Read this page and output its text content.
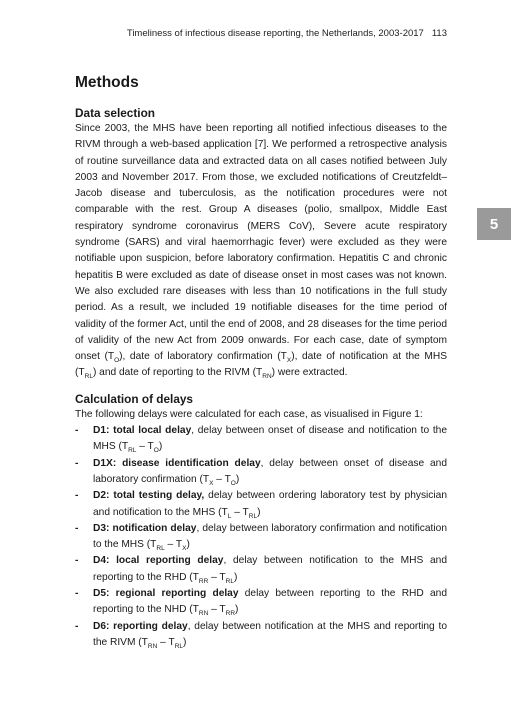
Timeliness of infectious disease reporting, the Netherlands, 2003-2017 113
5
Methods
Data selection

Since 2003, the MHS have been reporting all notified infectious diseases to the RIVM through a web-based application [7]. We performed a retrospective analysis of routine surveillance data and extracted data on all cases notified between July 2003 and November 2017. From those, we excluded notifications of Creutzfeldt–Jacob disease and tuberculosis, as the notification procedures were not comparable with the rest. Group A diseases (polio, smallpox, Middle East respiratory syndrome coronavirus (MERS CoV), Severe acute respiratory syndrome (SARS) and viral haemorrhagic fever) were excluded as they were notifiable upon suspicion, before laboratory confirmation. Hepatitis C and chronic hepatitis B were excluded as date of disease onset in most cases was not known. We also excluded rare diseases with less than 10 notifications in the full study period. As a result, we included 19 notifiable diseases for the time period of validity of the former Act, until the end of 2008, and 28 diseases for the time period of validity of the new Act from 2009 onwards. For each case, date of symptom onset $(T_O)$, date of laboratory confirmation $(T_X)$, date of notification at the MHS $(T_{RL})$ and date of reporting to the RIVM $(T_{RN})$ were extracted.

Calculation of delays

The following delays were calculated for each case, as visualised in Figure 1:

- D1: total local delay, delay between onset of disease and notification to the MHS $(T_{RL} - T_O)$
- D1X: disease identification delay, delay between onset of disease and laboratory confirmation $(T_X - T_O)$
- D2: total testing delay, delay between ordering laboratory test by physician and notification to the MHS $(T_L - T_{RL})$
- D3: notification delay, delay between laboratory confirmation and notification to the MHS $(T_{RL} - T_X)$
- D4: local reporting delay, delay between notification to the MHS and reporting to the RHD $(T_{RR} - T_{RL})$
- D5: regional reporting delay delay between reporting to the RHD and reporting to the NHD $(T_{RN} - T_{RR})$
- D6: reporting delay, delay between notification at the MHS and reporting to the RIVM $(T_{RN} - T_{RL})$
